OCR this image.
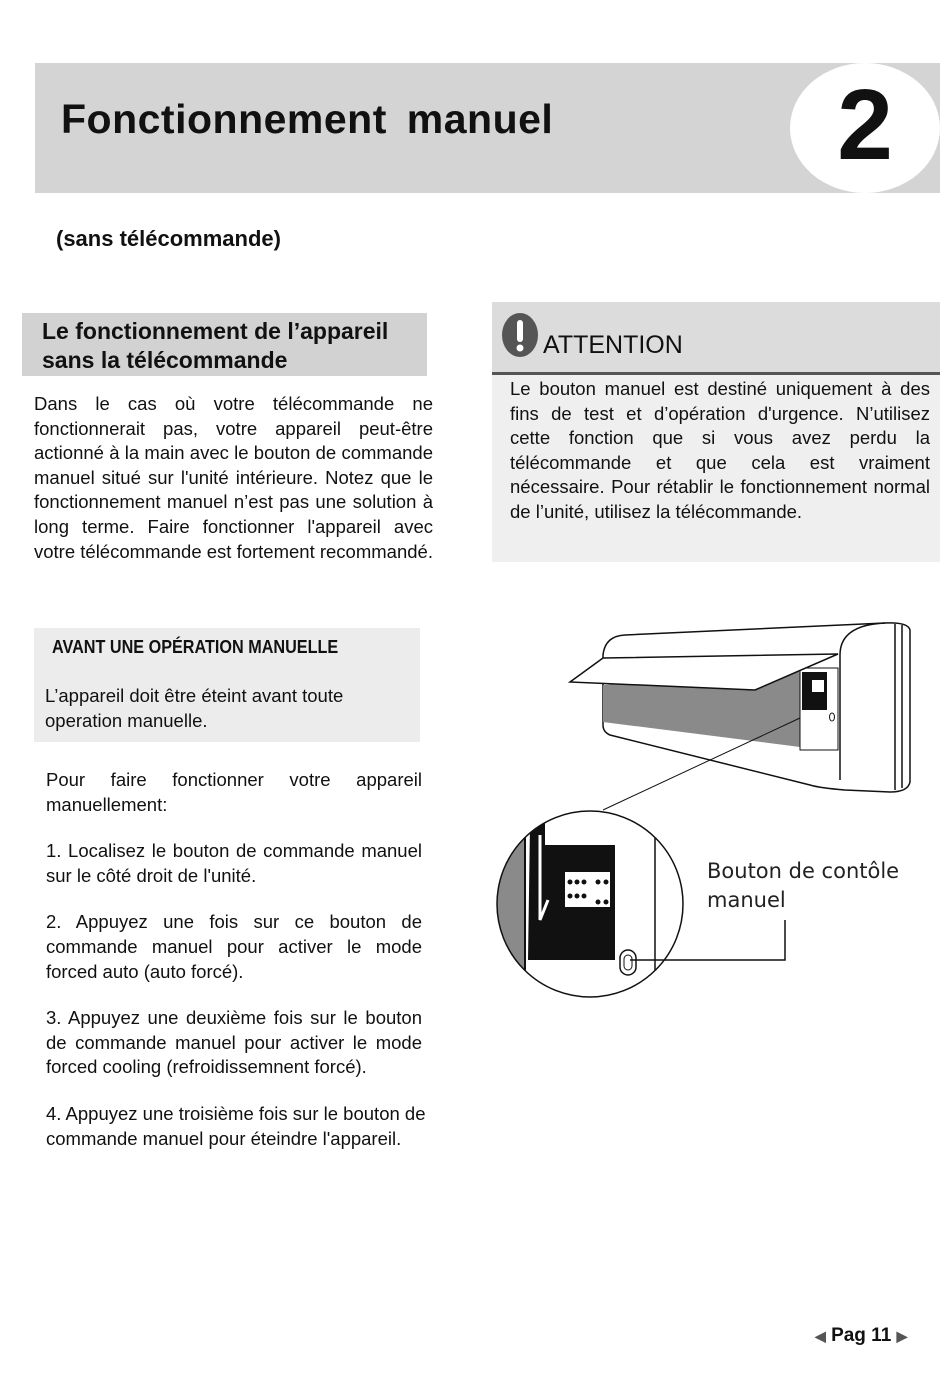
Fonctionnement manuel	2
(sans télécommande)
Le fonctionnement de l’appareil
sans la télécommande
Dans le cas où votre télécommande ne fonctionnerait pas, votre appareil peut-être actionné à la main avec le bouton de commande manuel situé sur l'unité intérieure. Notez que le fonctionnement manuel n’est pas une solution à long terme. Faire fonctionner l'appareil avec votre télécommande est fortement recommandé.
AVANT UNE OPÉRATION MANUELLE
L’appareil doit être éteint avant toute
operation manuelle.

Pour faire fonctionner votre appareil manuellement:

1. Localisez le bouton de commande manuel sur le côté droit de l'unité.

2. Appuyez une fois sur ce bouton de commande manuel pour activer le mode forced auto (auto forcé).

3. Appuyez une deuxième fois sur le bouton de commande manuel pour activer le mode forced cooling (refroidissemnent forcé).

4. Appuyez une troisième fois sur le bouton de commande manuel pour éteindre l'appareil.

ATTENTION
Le bouton manuel est destiné uniquement à des fins de test et d’opération d'urgence. N’utilisez cette fonction que si vous avez perdu la télécommande et que cela est vraiment nécessaire. Pour rétablir le fonctionnement normal de l’unité, utilisez la télécommande.
Bouton de contôle
manuel
◀ Pag 11 ▶
